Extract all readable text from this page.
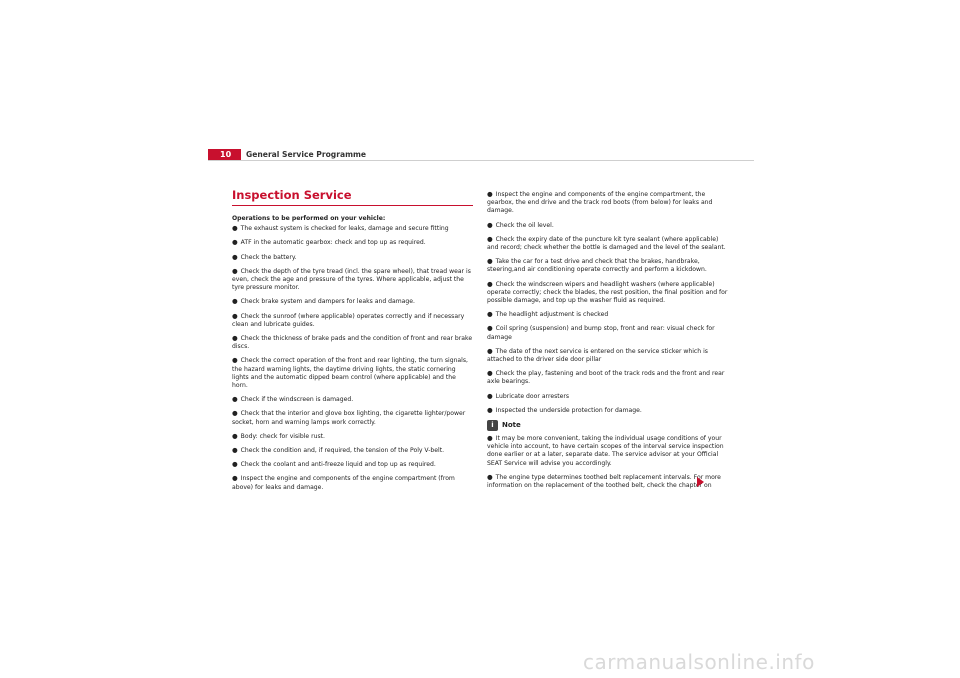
10	General Service Programme
Inspection Service
Operations to be performed on your vehicle:
● The exhaust system is checked for leaks, damage and secure fitting
● ATF in the automatic gearbox: check and top up as required.
● Check the battery.
● Check the depth of the tyre tread (incl. the spare wheel), that tread wear is even, check the age and pressure of the tyres. Where applicable, adjust the tyre pressure monitor.
● Check brake system and dampers for leaks and damage.
● Check the sunroof (where applicable) operates correctly and if necessary clean and lubricate guides.
● Check the thickness of brake pads and the condition of front and rear brake discs.
● Check the correct operation of the front and rear lighting, the turn signals, the hazard warning lights, the daytime driving lights, the static cornering lights and the automatic dipped beam control (where applicable) and the horn.
● Check if the windscreen is damaged.
● Check that the interior and glove box lighting, the cigarette lighter/power socket, horn and warning lamps work correctly.
● Body: check for visible rust.
● Check the condition and, if required, the tension of the Poly V-belt.
● Check the coolant and anti-freeze liquid and top up as required.
● Inspect the engine and components of the engine compartment (from above) for leaks and damage.
● Inspect the engine and components of the engine compartment, the gearbox, the end drive and the track rod boots (from below) for leaks and damage.
● Check the oil level.
● Check the expiry date of the puncture kit tyre sealant (where applicable) and record; check whether the bottle is damaged and the level of the sealant.
● Take the car for a test drive and check that the brakes, handbrake, steering,and air conditioning operate correctly and perform a kickdown.
● Check the windscreen wipers and headlight washers (where applicable) operate correctly; check the blades, the rest position, the final position and for possible damage, and top up the washer fluid as required.
● The headlight adjustment is checked
● Coil spring (suspension) and bump stop, front and rear: visual check for damage
● The date of the next service is entered on the service sticker which is attached to the driver side door pillar
● Check the play, fastening and boot of the track rods and the front and rear axle bearings.
● Lubricate door arresters
● Inspected the underside protection for damage.
i	Note
● It may be more convenient, taking the individual usage conditions of your vehicle into account, to have certain scopes of the interval service inspection done earlier or at a later, separate date. The service advisor at your Official SEAT Service will advise you accordingly.
● The engine type determines toothed belt replacement intervals. For more information on the replacement of the toothed belt, check the chapter on
carmanualsonline.info
